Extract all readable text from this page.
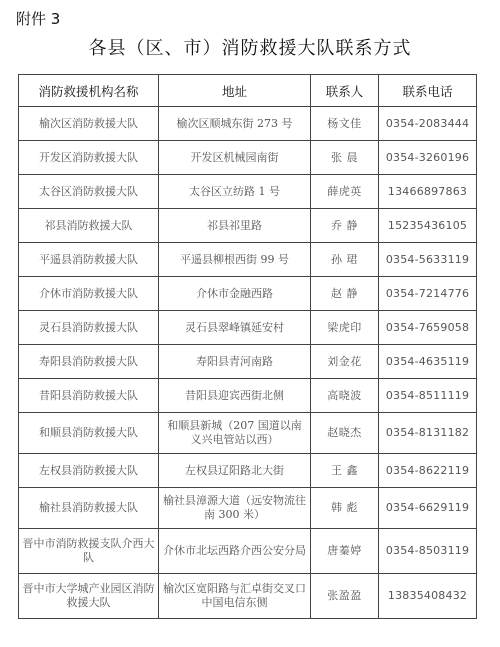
附件 3
各县（区、市）消防救援大队联系方式
消防救援机构名称	地址	联系人	联系电话
榆次区消防救援大队	榆次区顺城东街 273 号	杨文佳	0354-2083444
开发区消防救援大队	开发区机械园南街	张 晨	0354-3260196
太谷区消防救援大队	太谷区立纺路 1 号	薛虎英	13466897863
祁县消防救援大队	祁县祁里路	乔 静	15235436105
平遥县消防救援大队	平遥县柳根西街 99 号	孙 珺	0354-5633119
介休市消防救援大队	介休市金融西路	赵 静	0354-7214776
灵石县消防救援大队	灵石县翠峰镇延安村	梁虎印	0354-7659058
寿阳县消防救援大队	寿阳县青河南路	刘金花	0354-4635119
昔阳县消防救援大队	昔阳县迎宾西街北侧	高晓波	0354-8511119
和顺县消防救援大队	和顺县新城（207 国道以南义兴电管站以西）	赵晓杰	0354-8131182
左权县消防救援大队	左权县辽阳路北大街	王 鑫	0354-8622119
榆社县消防救援大队	榆社县漳源大道（远安物流往南 300 米）	韩 彪	0354-6629119
晋中市消防救援支队介西大队	介休市北坛西路介西公安分局	唐蓁婷	0354-8503119
晋中市大学城产业园区消防救援大队	榆次区宽阳路与汇卓街交叉口中国电信东侧	张盈盈	13835408432
